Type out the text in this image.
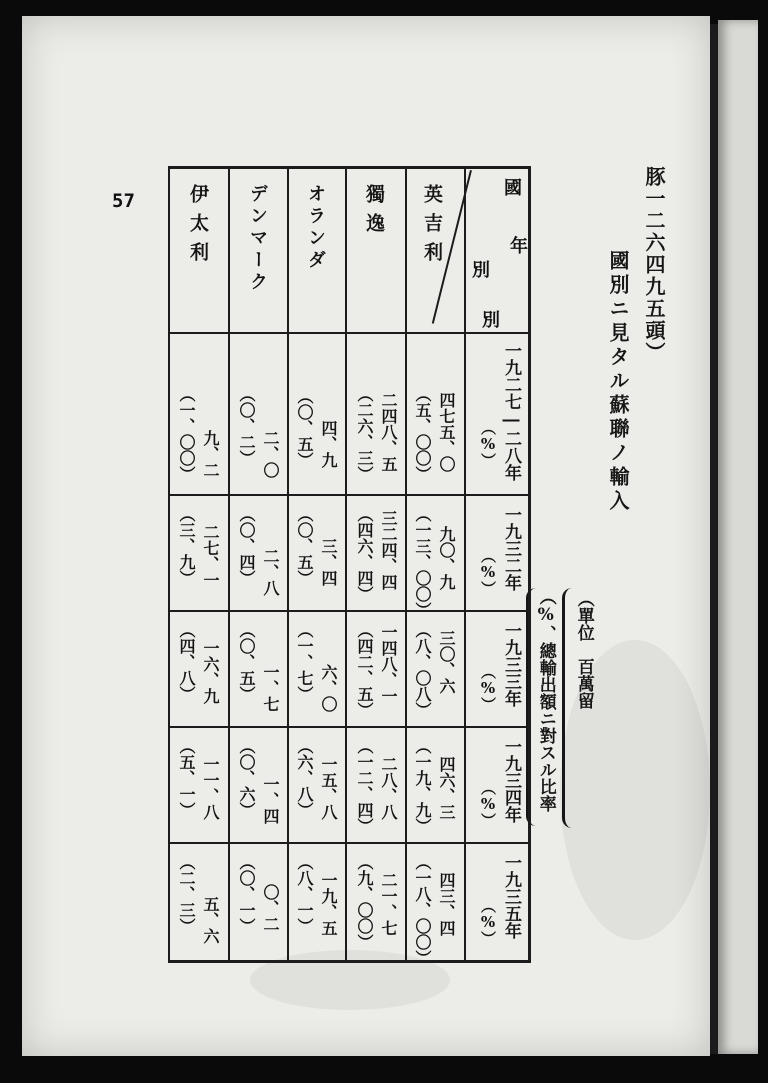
57	豚一二六四九五頭）
國別ニ見タル蘇聯ノ輸入
（單位　百萬留
（%、總輸出額ニ對スル比率
國
年
別
別
英吉利
獨逸
オランダ
デンマーク
伊太利
一九二七―二八年
（%）
一九三二年
（%）
一九三三年
（%）
一九三四年
（%）
一九三五年
（%）
四七五、〇
（五、〇〇）
二四八、五
（二六、三）
四、九
（〇、五）
二、〇
（〇、二）
九、二
（一、〇〇）
九〇、九
（一三、〇〇）
三二四、四
（四六、四）
三、四
（〇、五）
二、八
（〇、四）
二七、一
（三、九）
三〇、六
（八、〇八）
一四八、一
（四二、五）
六、〇
（一、七）
一、七
（〇、五）
一六、九
（四、八）
四六、三
（一九、九）
二八、八
（一二、四）
一五、八
（六、八）
一、四
（〇、六）
一一、八
（五、一）
四三、四
（一八、〇〇）
二一、七
（九、〇〇）
一九、五
（八、一）
〇、二
（〇、一）
五、六
（二、三）
